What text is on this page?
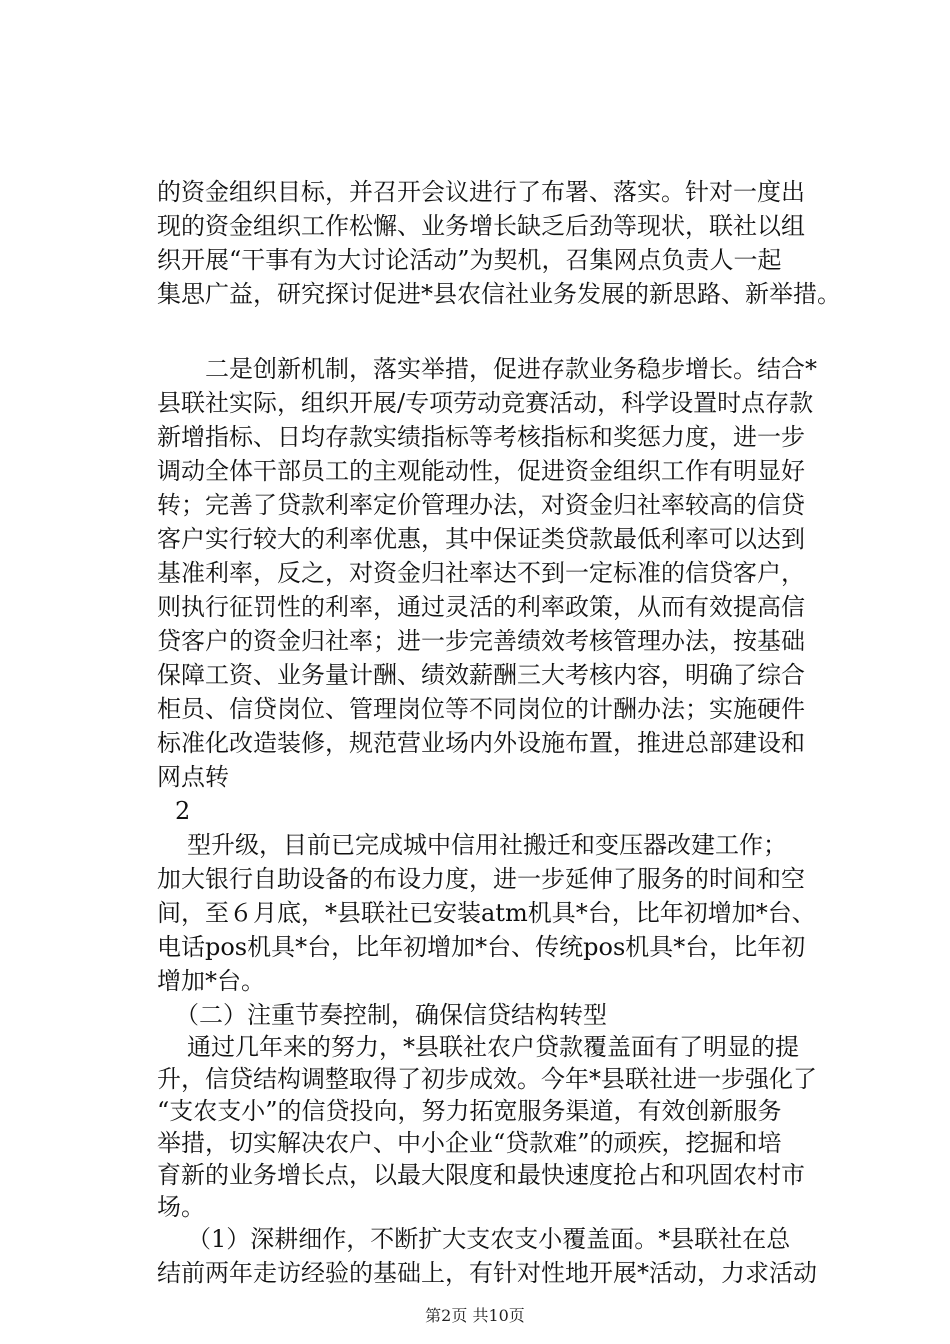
的资金组织目标，并召开会议进行了布署、落实。针对一度出
现的资金组织工作松懈、业务增长缺乏后劲等现状，联社以组
织开展“干事有为大讨论活动”为契机，召集网点负责人一起
集思广益，研究探讨促进*县农信社业务发展的新思路、新举措。
二是创新机制，落实举措，促进存款业务稳步增长。结合*
县联社实际，组织开展/专项劳动竞赛活动，科学设置时点存款
新增指标、日均存款实绩指标等考核指标和奖惩力度，进一步
调动全体干部员工的主观能动性，促进资金组织工作有明显好
转；完善了贷款利率定价管理办法，对资金归社率较高的信贷
客户实行较大的利率优惠，其中保证类贷款最低利率可以达到
基准利率，反之，对资金归社率达不到一定标准的信贷客户，
则执行征罚性的利率，通过灵活的利率政策，从而有效提高信
贷客户的资金归社率；进一步完善绩效考核管理办法，按基础
保障工资、业务量计酬、绩效薪酬三大考核内容，明确了综合
柜员、信贷岗位、管理岗位等不同岗位的计酬办法；实施硬件
标准化改造装修，规范营业场内外设施布置，推进总部建设和
网点转
2
型升级，目前已完成城中信用社搬迁和变压器改建工作；
加大银行自助设备的布设力度，进一步延伸了服务的时间和空
间，至６月底，*县联社已安装atm机具*台，比年初增加*台、
电话pos机具*台，比年初增加*台、传统pos机具*台，比年初
增加*台。
（二）注重节奏控制，确保信贷结构转型
通过几年来的努力，*县联社农户贷款覆盖面有了明显的提
升，信贷结构调整取得了初步成效。今年*县联社进一步强化了
“支农支小”的信贷投向，努力拓宽服务渠道，有效创新服务
举措，切实解决农户、中小企业“贷款难”的顽疾，挖掘和培
育新的业务增长点，以最大限度和最快速度抢占和巩固农村市
场。
第2页 共10页
（1）深耕细作，不断扩大支农支小覆盖面。*县联社在总
结前两年走访经验的基础上，有针对性地开展*活动，力求活动
